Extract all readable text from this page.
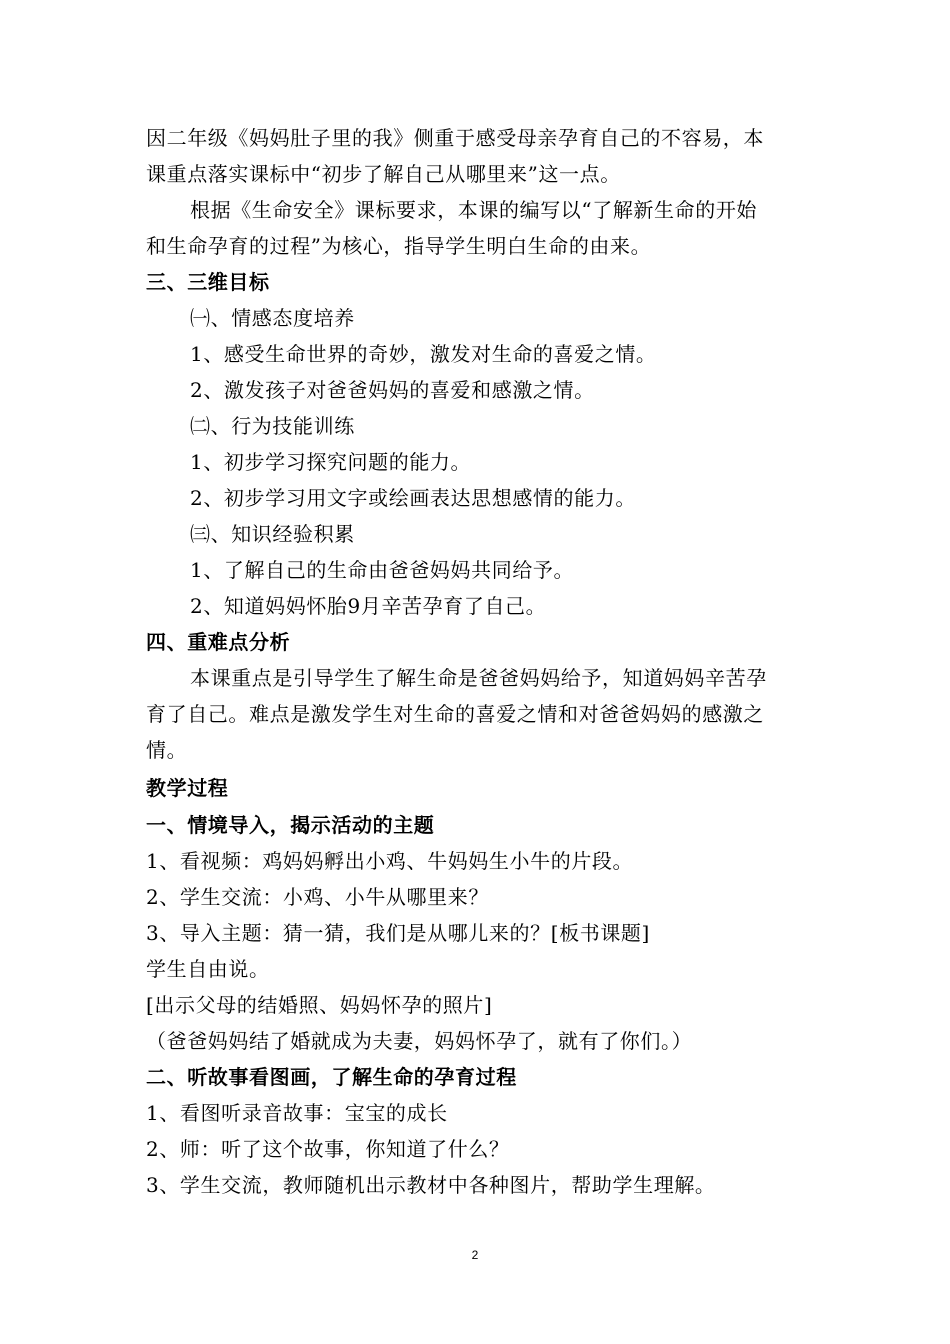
因二年级《妈妈肚子里的我》侧重于感受母亲孕育自己的不容易，本
课重点落实课标中“初步了解自己从哪里来”这一点。
根据《生命安全》课标要求，本课的编写以“了解新生命的开始
和生命孕育的过程”为核心，指导学生明白生命的由来。
三、三维目标
㈠、情感态度培养
1、感受生命世界的奇妙，激发对生命的喜爱之情。
2、激发孩子对爸爸妈妈的喜爱和感激之情。
㈡、行为技能训练
1、初步学习探究问题的能力。
2、初步学习用文字或绘画表达思想感情的能力。
㈢、知识经验积累
1、了解自己的生命由爸爸妈妈共同给予。
2、知道妈妈怀胎9月辛苦孕育了自己。
四、重难点分析
本课重点是引导学生了解生命是爸爸妈妈给予，知道妈妈辛苦孕
育了自己。难点是激发学生对生命的喜爱之情和对爸爸妈妈的感激之
情。
教学过程
一、情境导入，揭示活动的主题
1、看视频：鸡妈妈孵出小鸡、牛妈妈生小牛的片段。
2、学生交流：小鸡、小牛从哪里来？
3、导入主题：猜一猜，我们是从哪儿来的？[板书课题]
学生自由说。
[出示父母的结婚照、妈妈怀孕的照片]
（爸爸妈妈结了婚就成为夫妻，妈妈怀孕了，就有了你们。）
二、听故事看图画，了解生命的孕育过程
1、看图听录音故事：宝宝的成长
2、师：听了这个故事，你知道了什么？
3、学生交流，教师随机出示教材中各种图片，帮助学生理解。
2
